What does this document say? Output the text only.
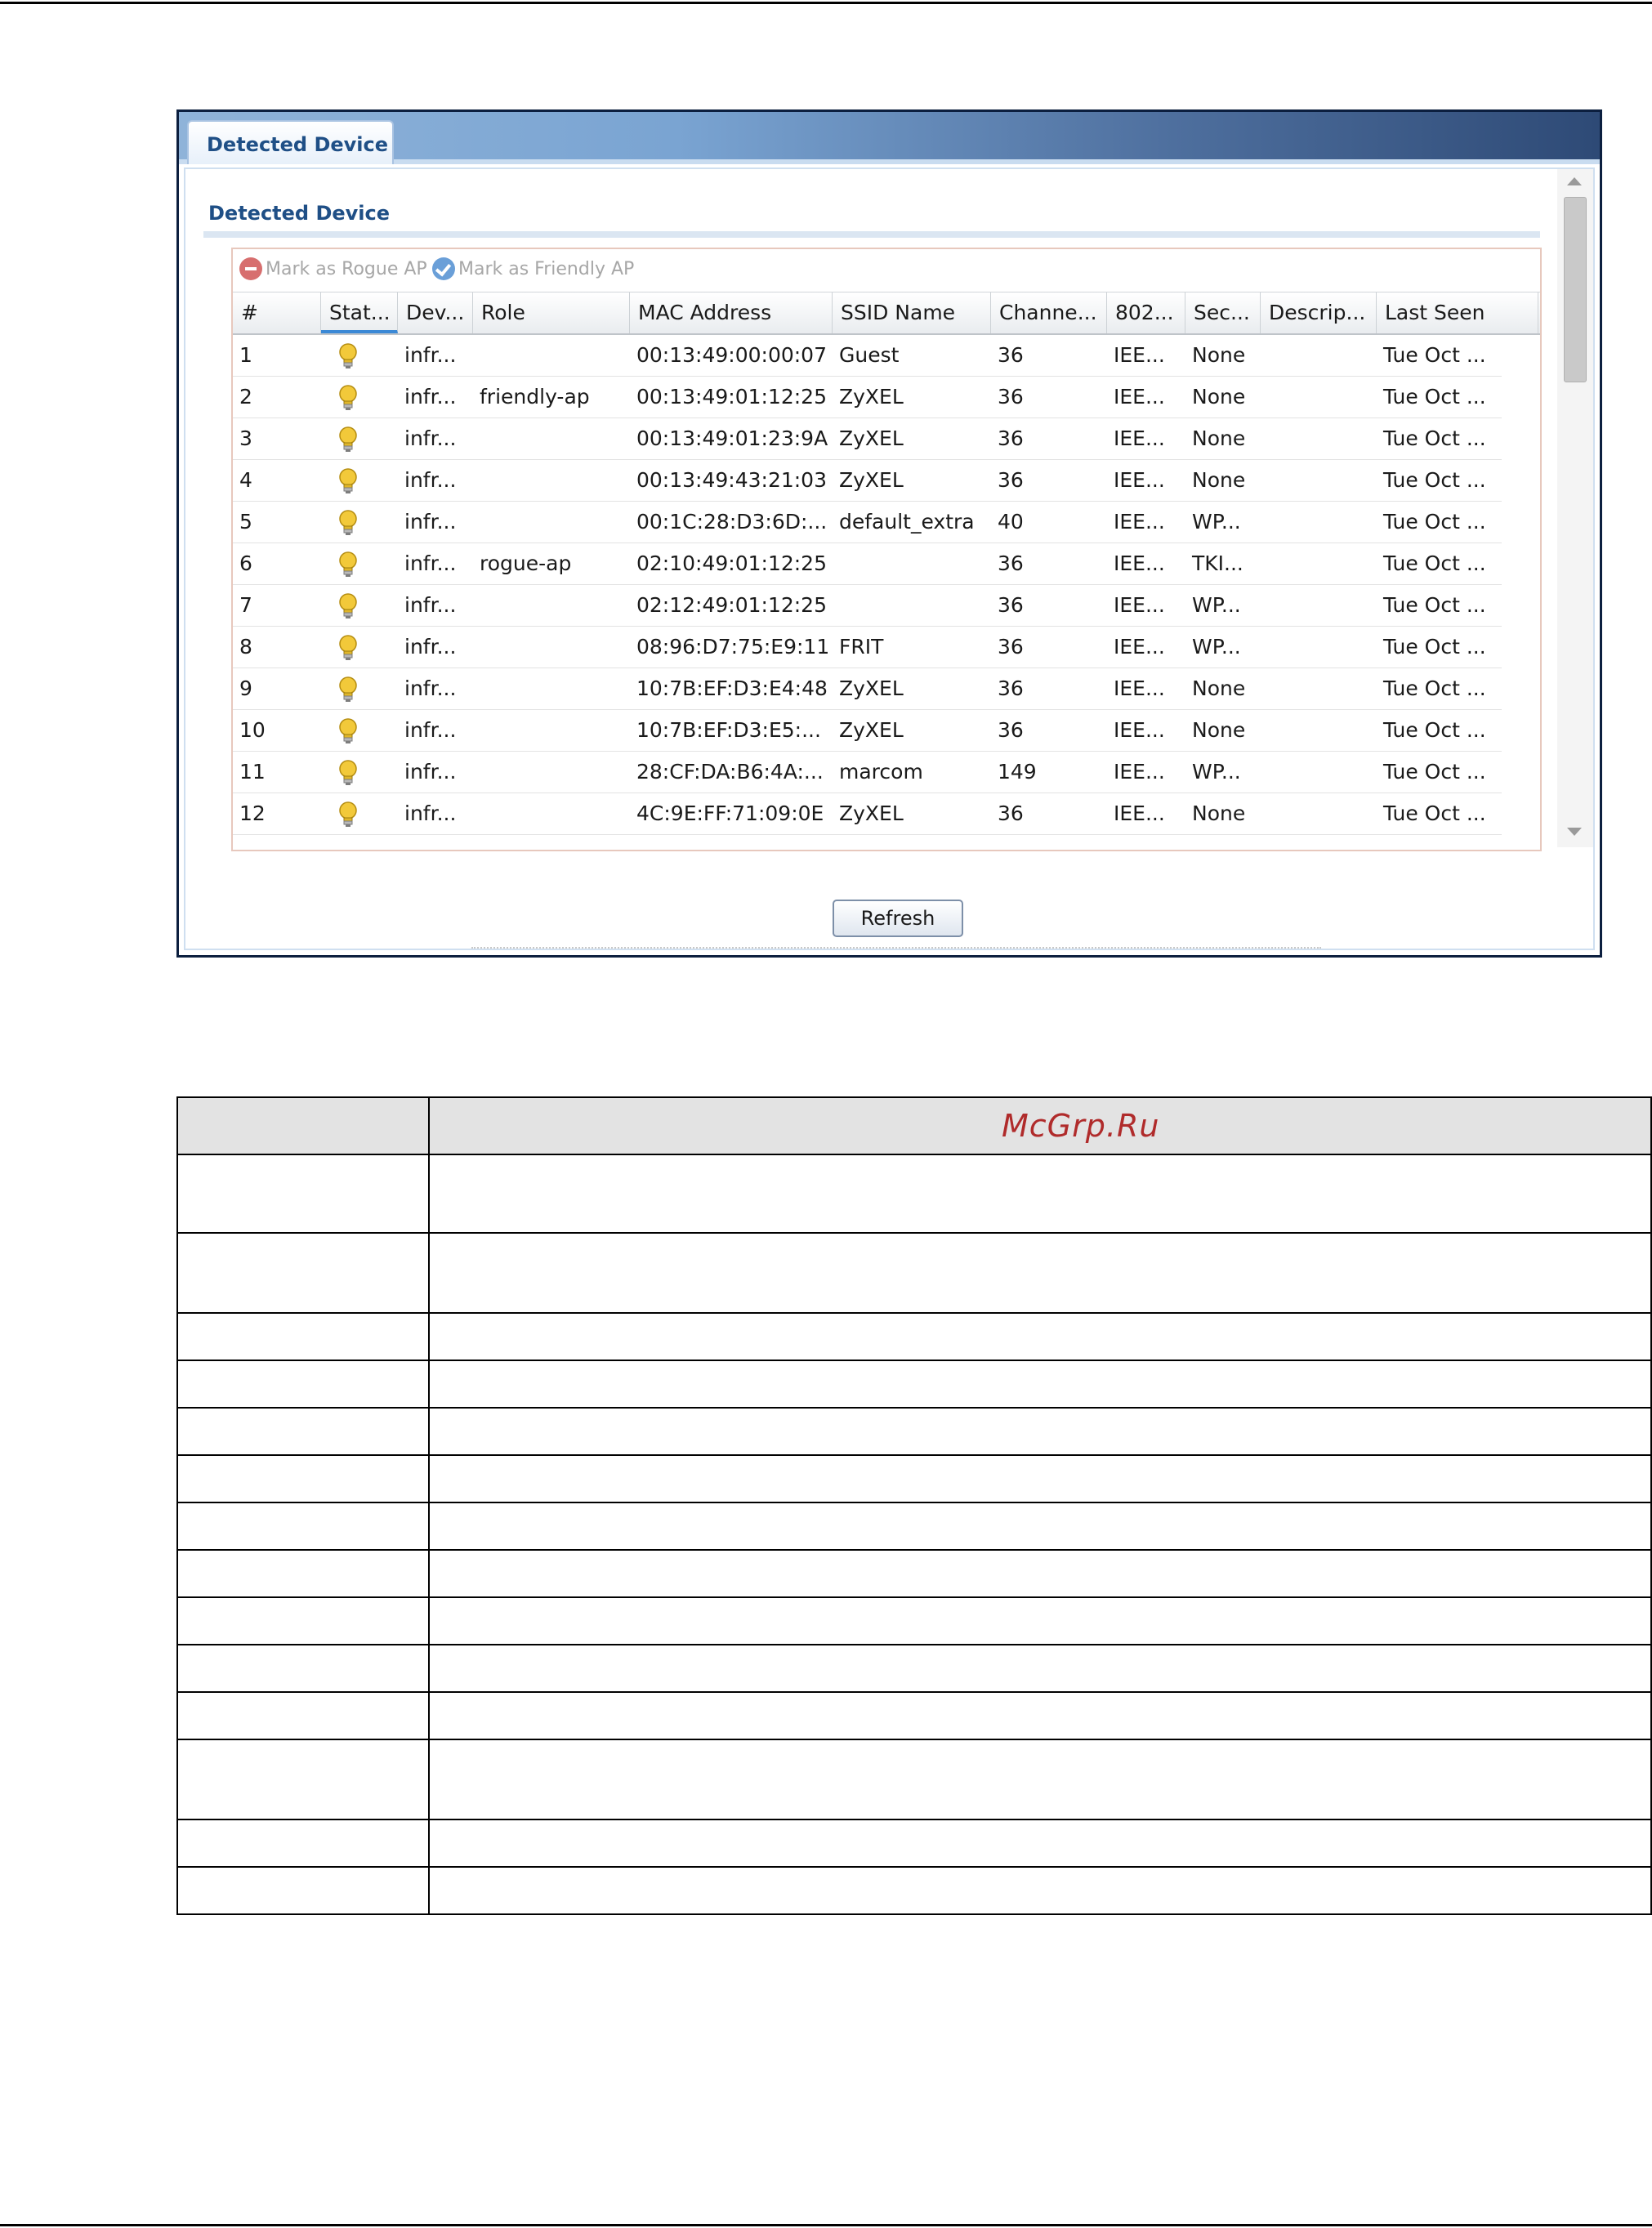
Detected Device
Detected Device
Mark as Rogue AP Mark as Friendly AP
#	Stat... Dev... Role	MAC Address	SSID Name	Channe... 802... Sec... Descrip... Last Seen
1	infr...	00:13:49:00:00:07 Guest	36	IEE...	None	Tue Oct ...
2	infr...	friendly-ap	00:13:49:01:12:25 ZyXEL	36	IEE...	None	Tue Oct ...
3	infr...	00:13:49:01:23:9A ZyXEL	36	IEE...	None	Tue Oct ...
4	infr...	00:13:49:43:21:03 ZyXEL	36	IEE...	None	Tue Oct ...
5	infr...	00:1C:28:D3:6D:... default_extra	40	IEE...	WP...	Tue Oct ...
6	infr...	rogue-ap	02:10:49:01:12:25	36	IEE...	TKI...	Tue Oct ...
7	infr...	02:12:49:01:12:25	36	IEE...	WP...	Tue Oct ...
8	infr...	08:96:D7:75:E9:11 FRIT	36	IEE...	WP...	Tue Oct ...
9	infr...	10:7B:EF:D3:E4:48 ZyXEL	36	IEE...	None	Tue Oct ...
10	infr...	10:7B:EF:D3:E5:... ZyXEL	36	IEE...	None	Tue Oct ...
11	infr...	28:CF:DA:B6:4A:... marcom	149	IEE...	WP...	Tue Oct ...
12	infr...	4C:9E:FF:71:09:0E ZyXEL	36	IEE...	None	Tue Oct ...
Refresh
McGrp.Ru
